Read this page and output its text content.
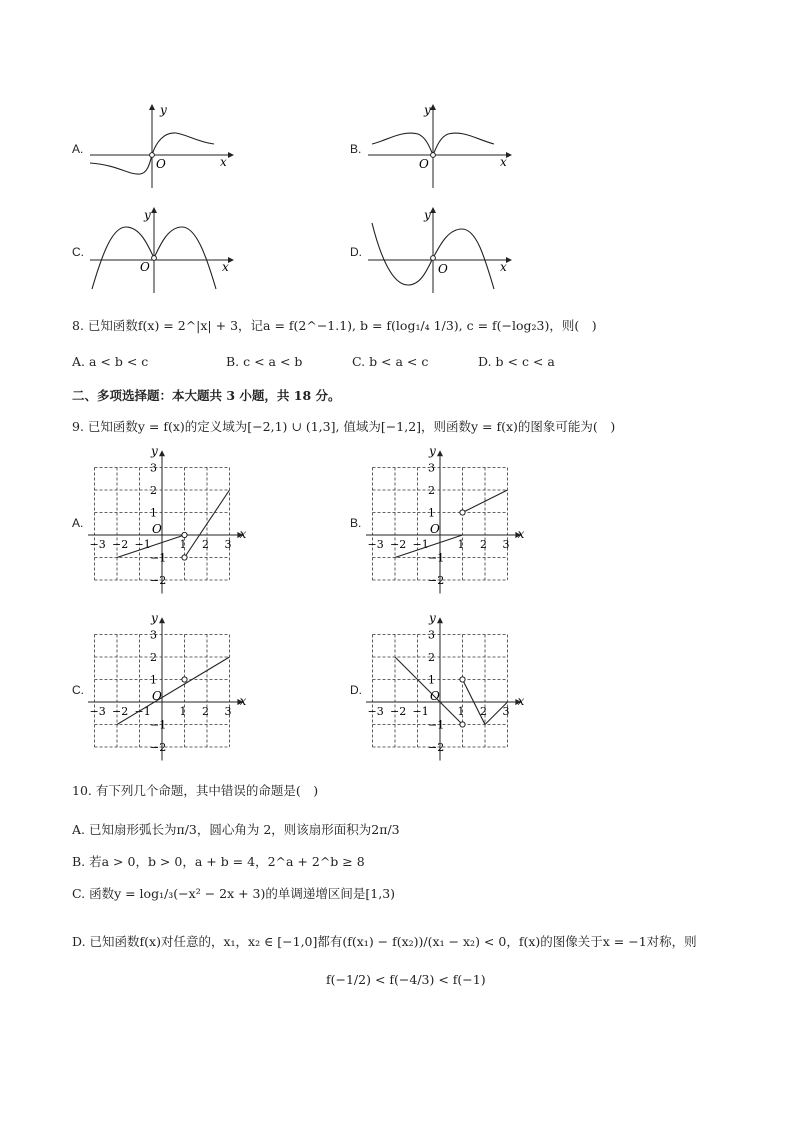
A.
y
x
O
B.
y
x
O
C.
y
x
O
D.
y
x
O
8. 已知函数f(x) = 2^|x| + 3，记a = f(2^−1.1), b = f(log₁/₄ 1/3), c = f(−log₂3)，则(　)
A. a < b < c	B. c < a < b	C. b < a < c	D. b < c < a
二、多项选择题：本大题共 3 小题，共 18 分。
9. 已知函数y = f(x)的定义域为[−2,1) ∪ (1,3], 值域为[−1,2]，则函数y = f(x)的图象可能为(　)
A.
x
y
O
−3 −2 −1	1 2 3
3
2
1
−1
−2
B.
x
y
O
−3 −2 −1	1 2 3
3
2
1
−1
−2
C.
x
y
O
−3 −2 −1	1 2 3
3
2
1
−1
−2
D.
x
y
O
−3 −2 −1	1 2 3
3
2
1
−1
−2
10. 有下列几个命题，其中错误的命题是(　)
A. 已知扇形弧长为π/3，圆心角为 2，则该扇形面积为2π/3
B. 若a > 0，b > 0，a + b = 4，2^a + 2^b ≥ 8
C. 函数y = log₁/₃(−x² − 2x + 3)的单调递增区间是[1,3)
D. 已知函数f(x)对任意的，x₁，x₂ ∈ [−1,0]都有(f(x₁) − f(x₂))/(x₁ − x₂) < 0，f(x)的图像关于x = −1对称，则
f(−1/2) < f(−4/3) < f(−1)
